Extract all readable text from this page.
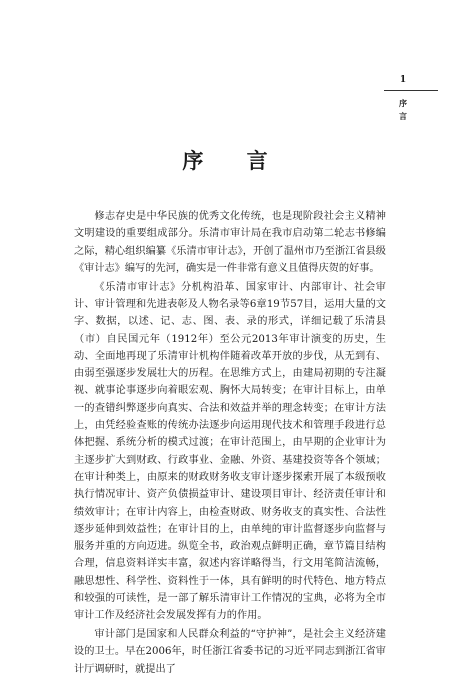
1
序
言
序 言

修志存史是中华民族的优秀文化传统，也是现阶段社会主义精神文明建设的重要组成部分。乐清市审计局在我市启动第二轮志书修编之际，精心组织编纂《乐清市审计志》，开创了温州市乃至浙江省县级《审计志》编写的先河，确实是一件非常有意义且值得庆贺的好事。

《乐清市审计志》分机构沿革、国家审计、内部审计、社会审计、审计管理和先进表彰及人物名录等6章19节57目，运用大量的文字、数据，以述、记、志、图、表、录的形式，详细记载了乐清县（市）自民国元年（1912年）至公元2013年审计演变的历史，生动、全面地再现了乐清审计机构伴随着改革开放的步伐，从无到有、由弱至强逐步发展壮大的历程。在思维方式上，由建局初期的专注凝视、就事论事逐步向着眼宏观、胸怀大局转变；在审计目标上，由单一的查错纠弊逐步向真实、合法和效益并举的理念转变；在审计方法上，由凭经验查账的传统办法逐步向运用现代技术和管理手段进行总体把握、系统分析的模式过渡；在审计范围上，由早期的企业审计为主逐步扩大到财政、行政事业、金融、外资、基建投资等各个领域；在审计种类上，由原来的财政财务收支审计逐步探索开展了本级预收执行情况审计、资产负债损益审计、建设项目审计、经济责任审计和绩效审计；在审计内容上，由检查财政、财务收支的真实性、合法性逐步延伸到效益性；在审计目的上，由单纯的审计监督逐步向监督与服务并重的方向迈进。纵览全书，政治观点鲜明正确，章节篇目结构合理，信息资料详实丰富，叙述内容详略得当，行文用笔简洁流畅，融思想性、科学性、资料性于一体，具有鲜明的时代特色、地方特点和较强的可读性，是一部了解乐清审计工作情况的宝典，必将为全市审计工作及经济社会发展发挥有力的作用。

审计部门是国家和人民群众利益的“守护神”，是社会主义经济建设的卫士。早在2006年，时任浙江省委书记的习近平同志到浙江省审计厅调研时，就提出了
